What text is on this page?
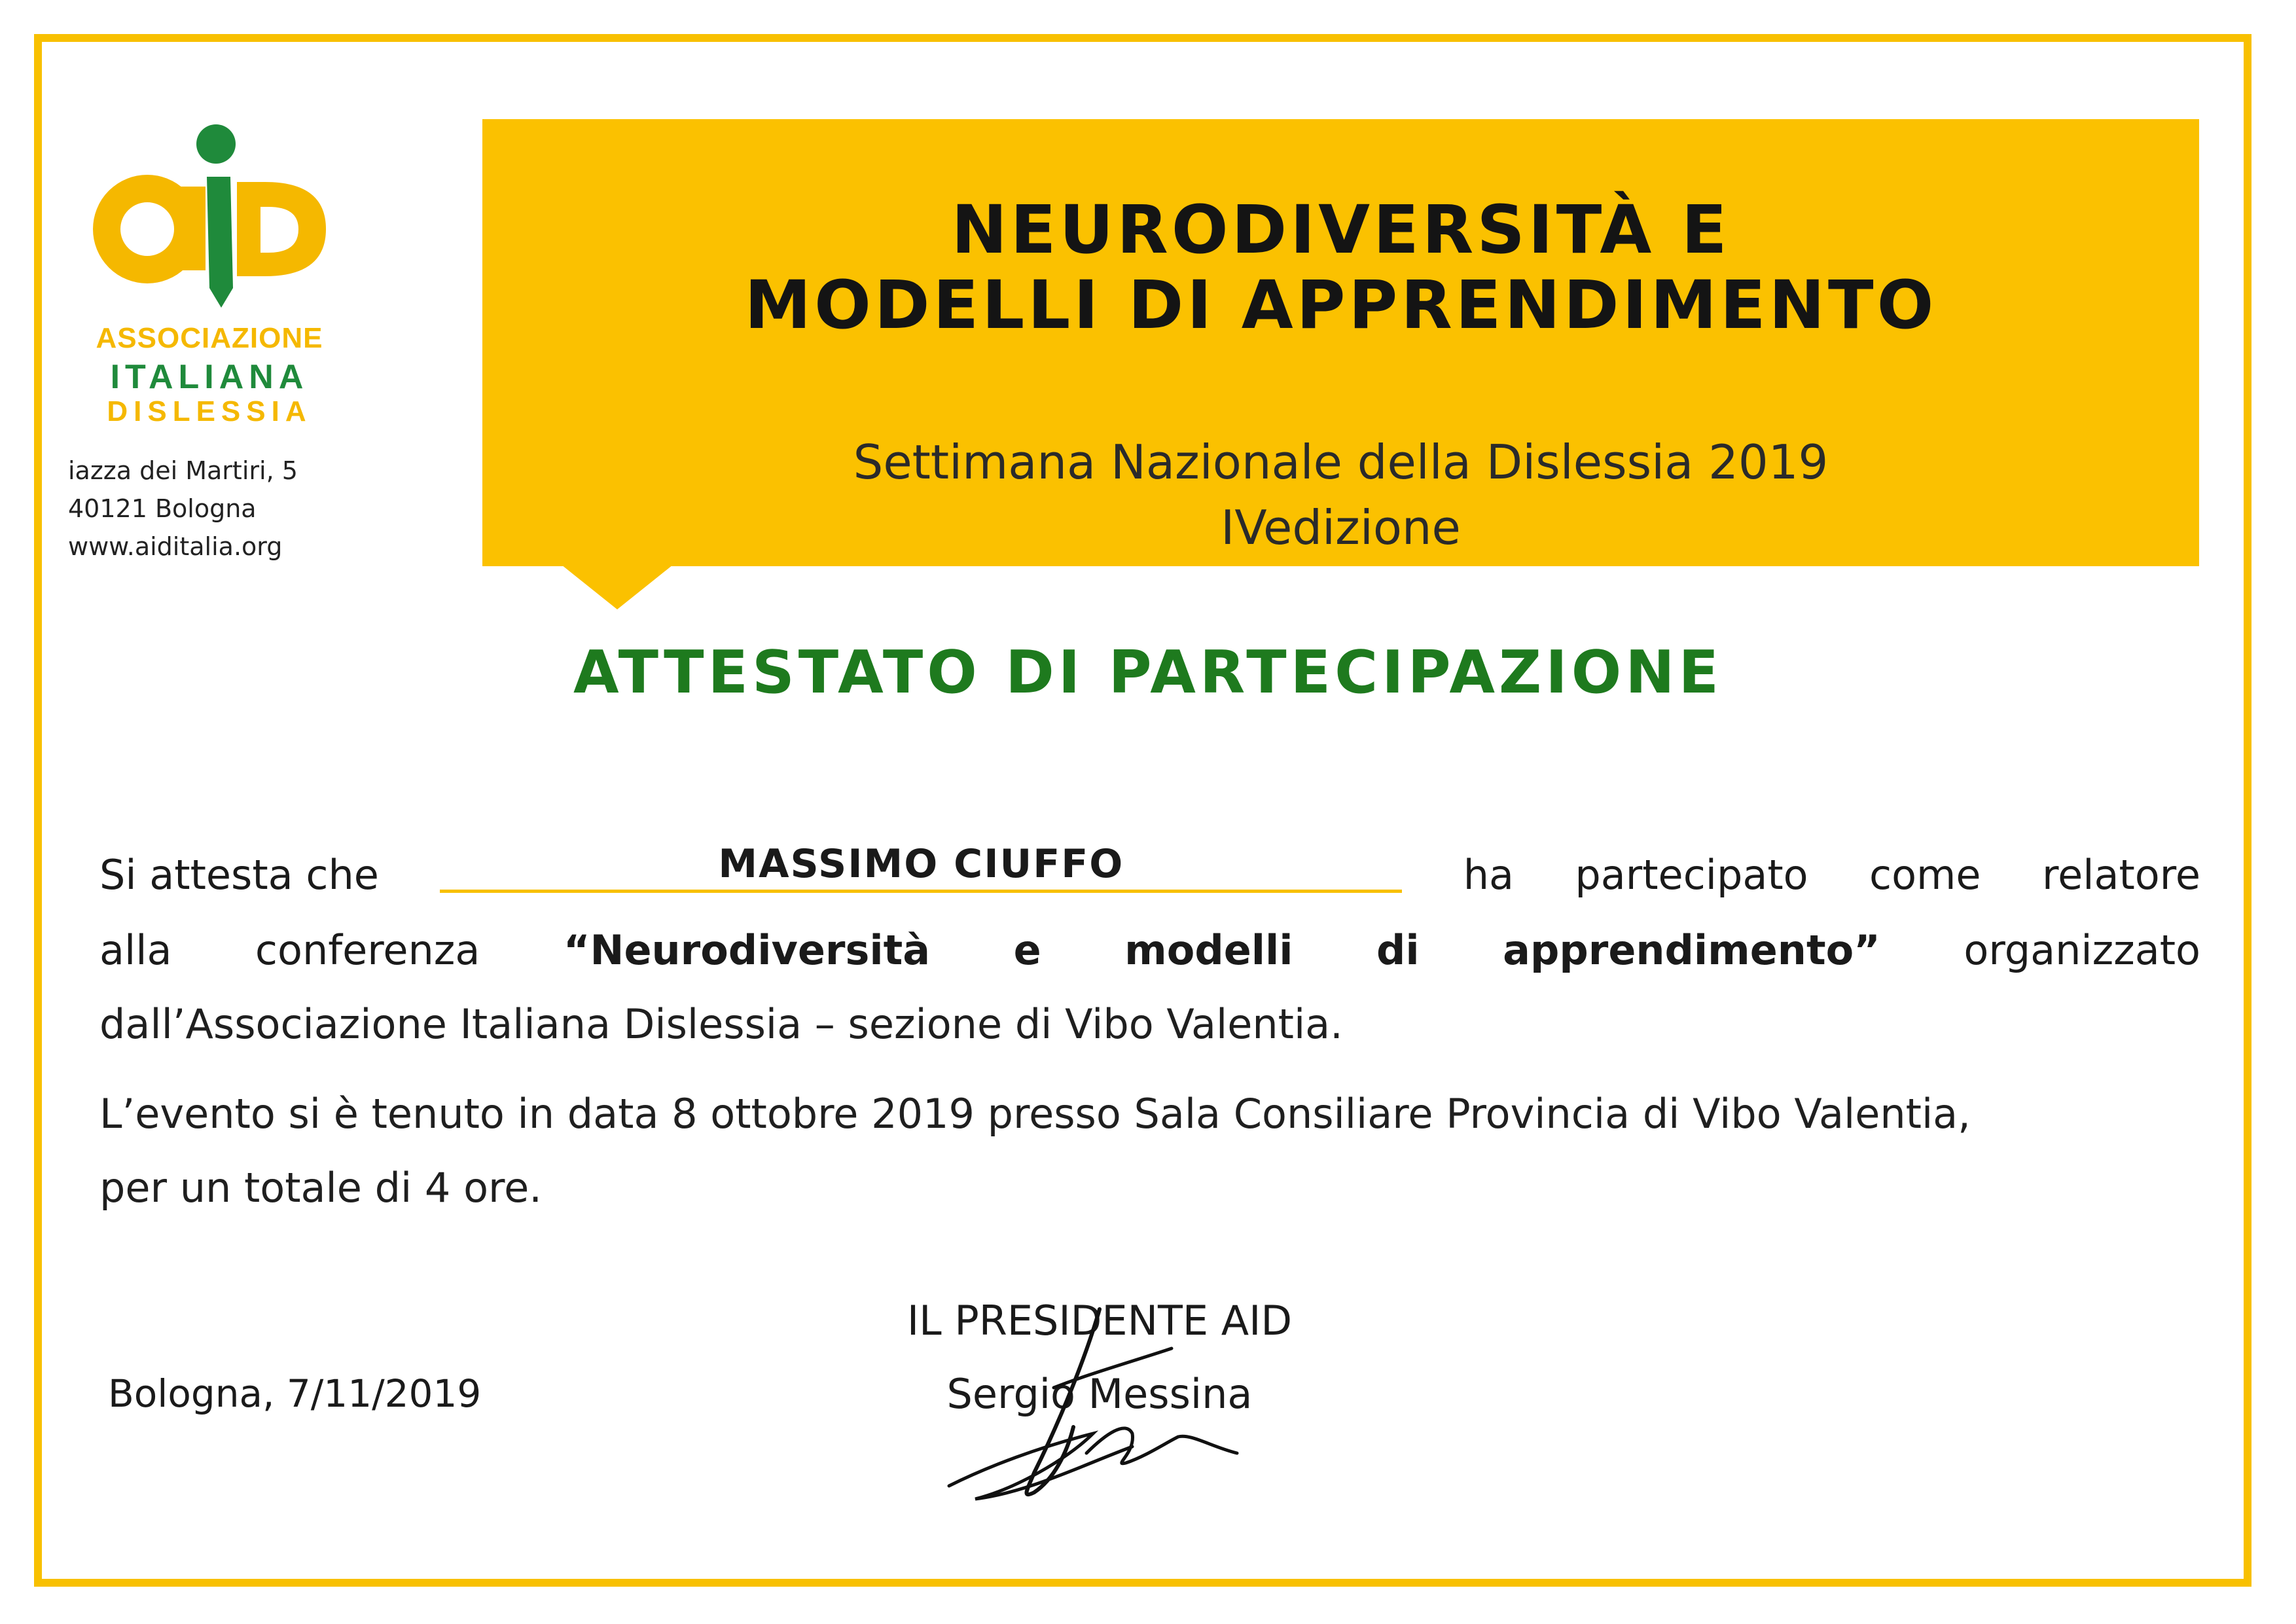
ASSOCIAZIONE
ITALIANA
DISLESSIA
iazza dei Martiri, 5
40121 Bologna
www.aiditalia.org
NEURODIVERSITÀ E
MODELLI DI APPRENDIMENTO
Settimana Nazionale della Dislessia 2019
IVedizione
ATTESTATO DI PARTECIPAZIONE
Si attesta che	MASSIMO CIUFFO	ha partecipato come relatore
alla conferenza “Neurodiversità e modelli di apprendimento” organizzato
dall’Associazione Italiana Dislessia – sezione di Vibo Valentia.
L’evento si è tenuto in data 8 ottobre 2019 presso Sala Consiliare Provincia di Vibo Valentia,
per un totale di 4 ore.
Bologna, 7/11/2019
IL PRESIDENTE AID
Sergio Messina
